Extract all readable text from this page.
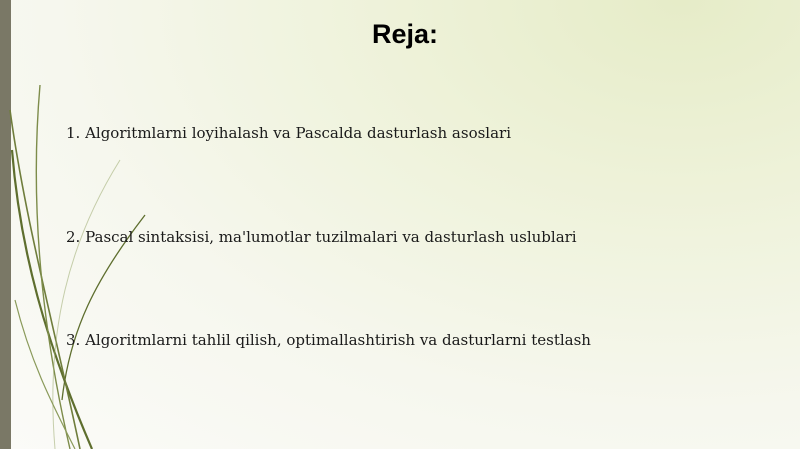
Reja:
1. Algoritmlarni loyihalash va Pascalda dasturlash asoslari
2. Pascal sintaksisi, ma'lumotlar tuzilmalari va dasturlash uslublari
3. Algoritmlarni tahlil qilish, optimallashtirish va dasturlarni testlash
